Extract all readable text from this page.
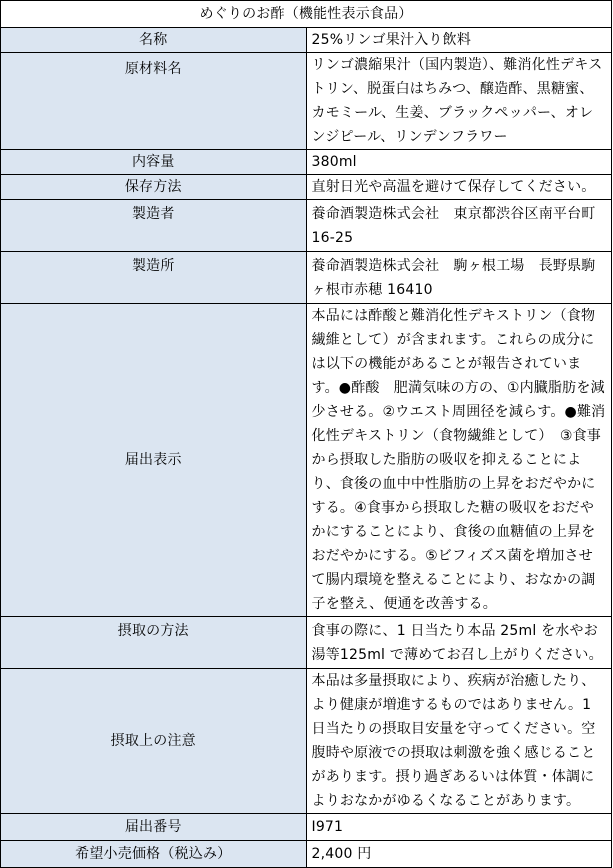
めぐりのお酢（機能性表示食品）	
名称	25%リンゴ果汁入り飲料
原材料名	リンゴ濃縮果汁（国内製造）、難消化性デキストリン、脱蛋白はちみつ、醸造酢、黒糖蜜、カモミール、生姜、ブラックペッパー、オレンジピール、リンデンフラワー
内容量	380ml
保存方法	直射日光や高温を避けて保存してください。
製造者	養命酒製造株式会社　東京都渋谷区南平台町 16-25
製造所	養命酒製造株式会社　駒ヶ根工場　長野県駒ヶ根市赤穂 16410
届出表示	本品には酢酸と難消化性デキストリン（食物繊維として）が含まれます。これらの成分には以下の機能があることが報告されています。●酢酸　肥満気味の方の、①内臓脂肪を減少させる。②ウエスト周囲径を減らす。●難消化性デキストリン（食物繊維として）　③食事から摂取した脂肪の吸収を抑えることにより、食後の血中中性脂肪の上昇をおだやかにする。④食事から摂取した糖の吸収をおだやかにすることにより、食後の血糖値の上昇をおだやかにする。⑤ビフィズス菌を増加させて腸内環境を整えることにより、おなかの調子を整え、便通を改善する。
摂取の方法	食事の際に、1 日当たり本品 25ml を水やお湯等125ml で薄めてお召し上がりください。
摂取上の注意	本品は多量摂取により、疾病が治癒したり、より健康が増進するものではありません。1 日当たりの摂取目安量を守ってください。空腹時や原液での摂取は刺激を強く感じることがあります。摂り過ぎあるいは体質・体調によりおなかがゆるくなることがあります。
届出番号	I971
希望小売価格（税込み）	2,400 円
